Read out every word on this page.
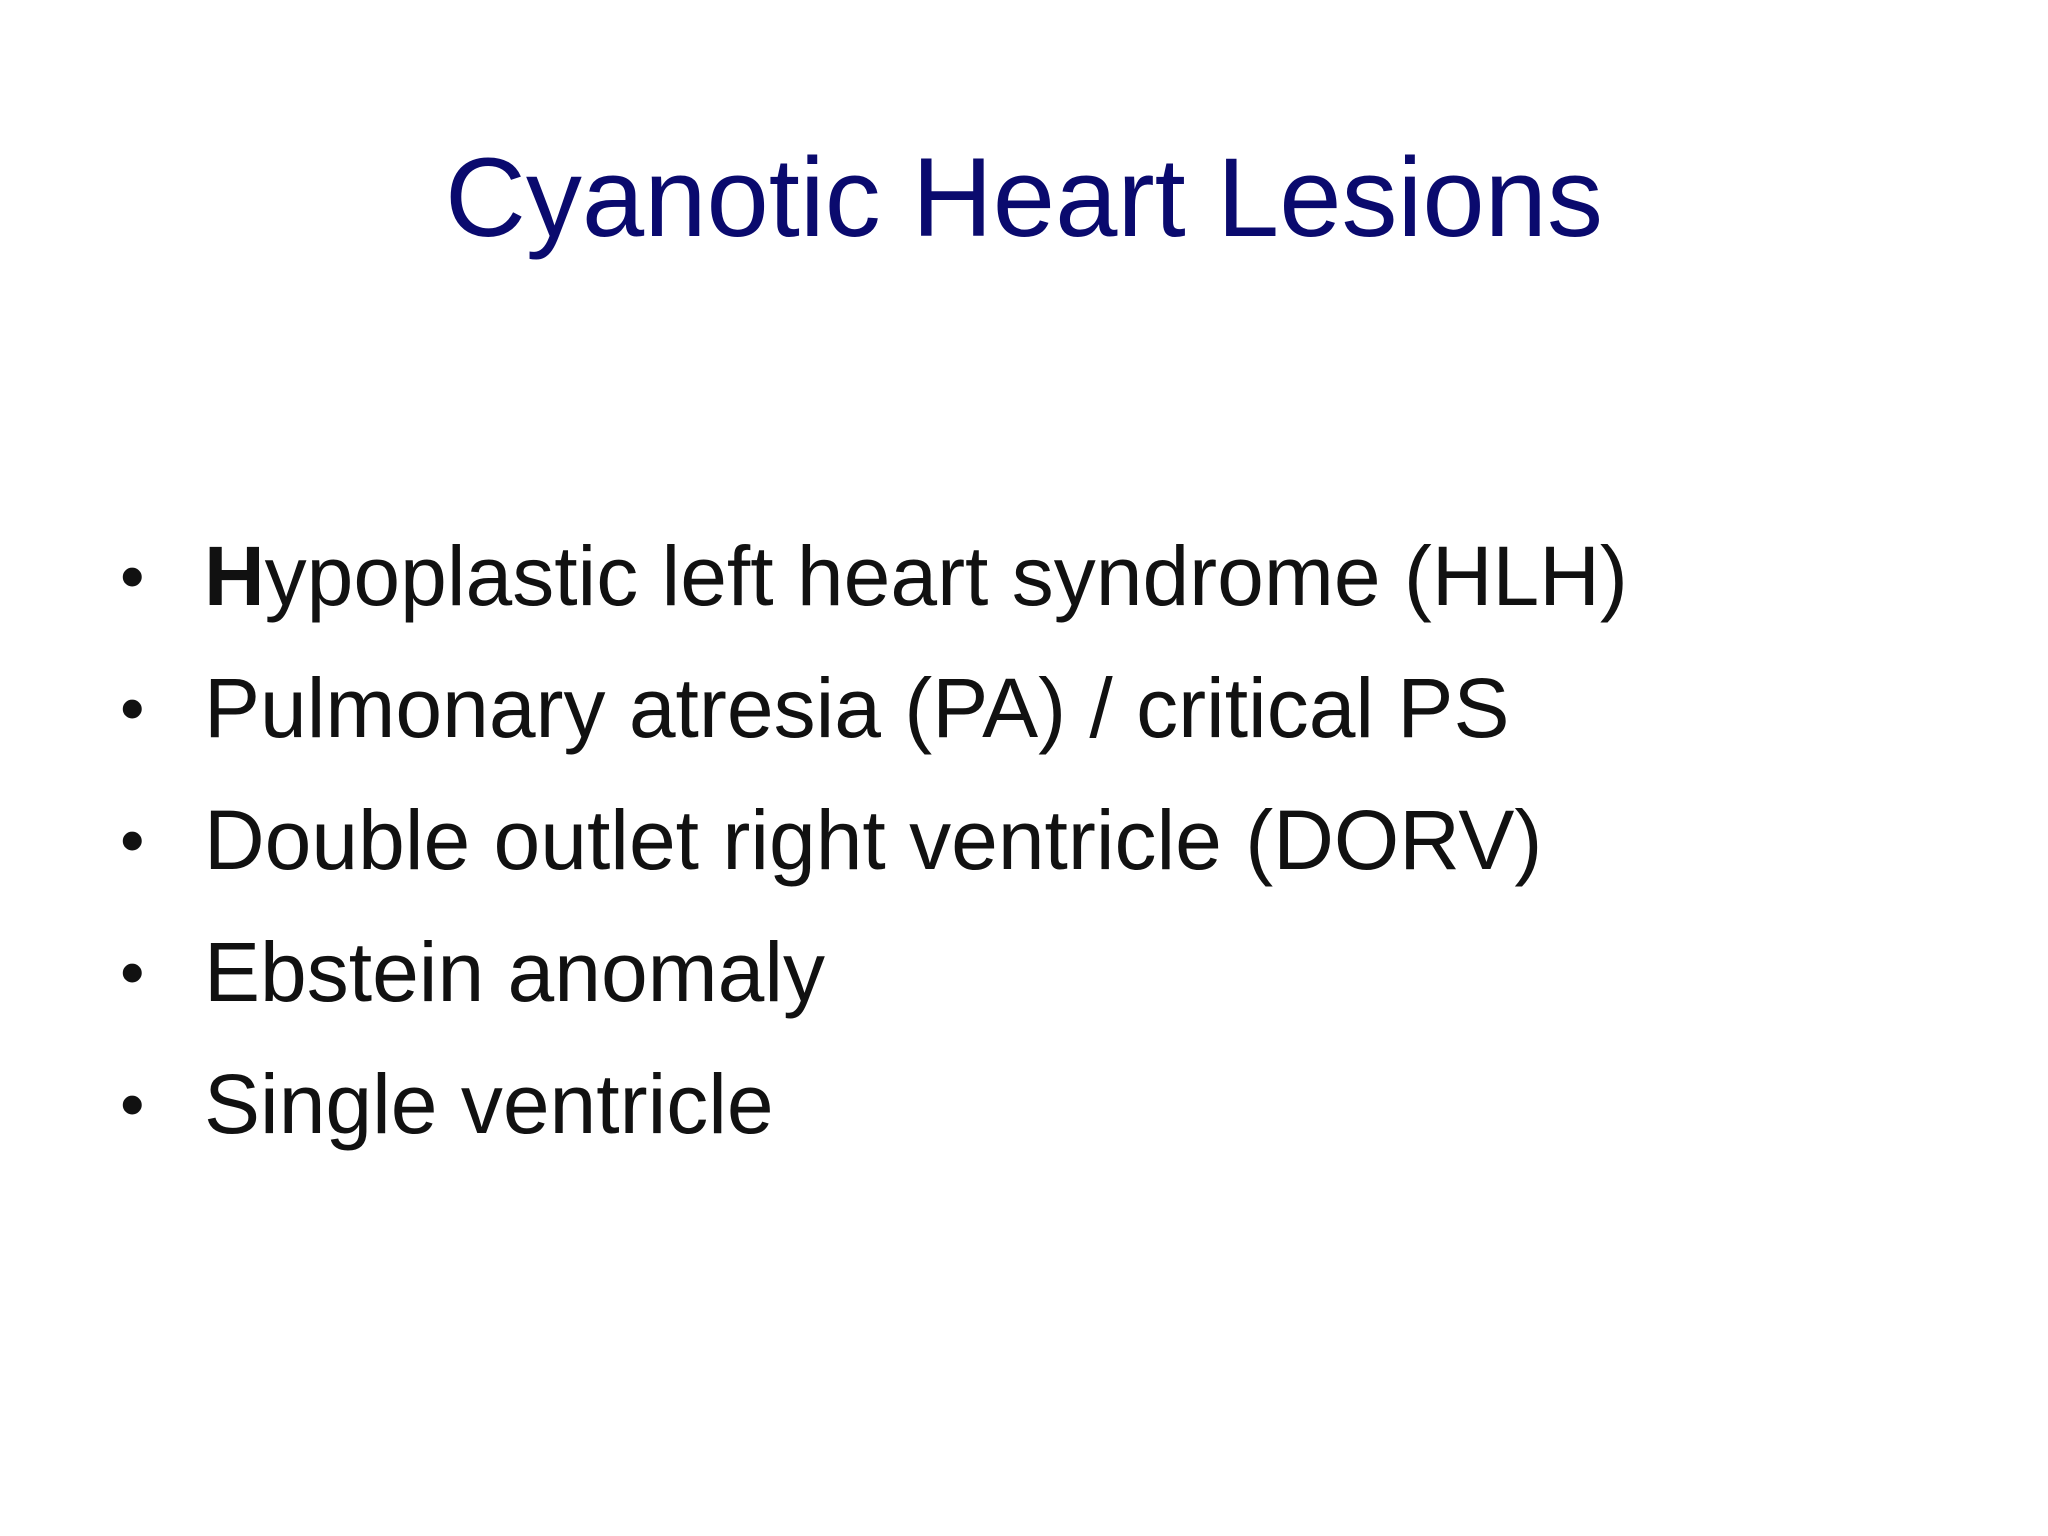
Cyanotic Heart Lesions
• Hypoplastic left heart syndrome (HLH)
• Pulmonary atresia (PA) / critical PS
• Double outlet right ventricle (DORV)
• Ebstein anomaly
• Single ventricle
